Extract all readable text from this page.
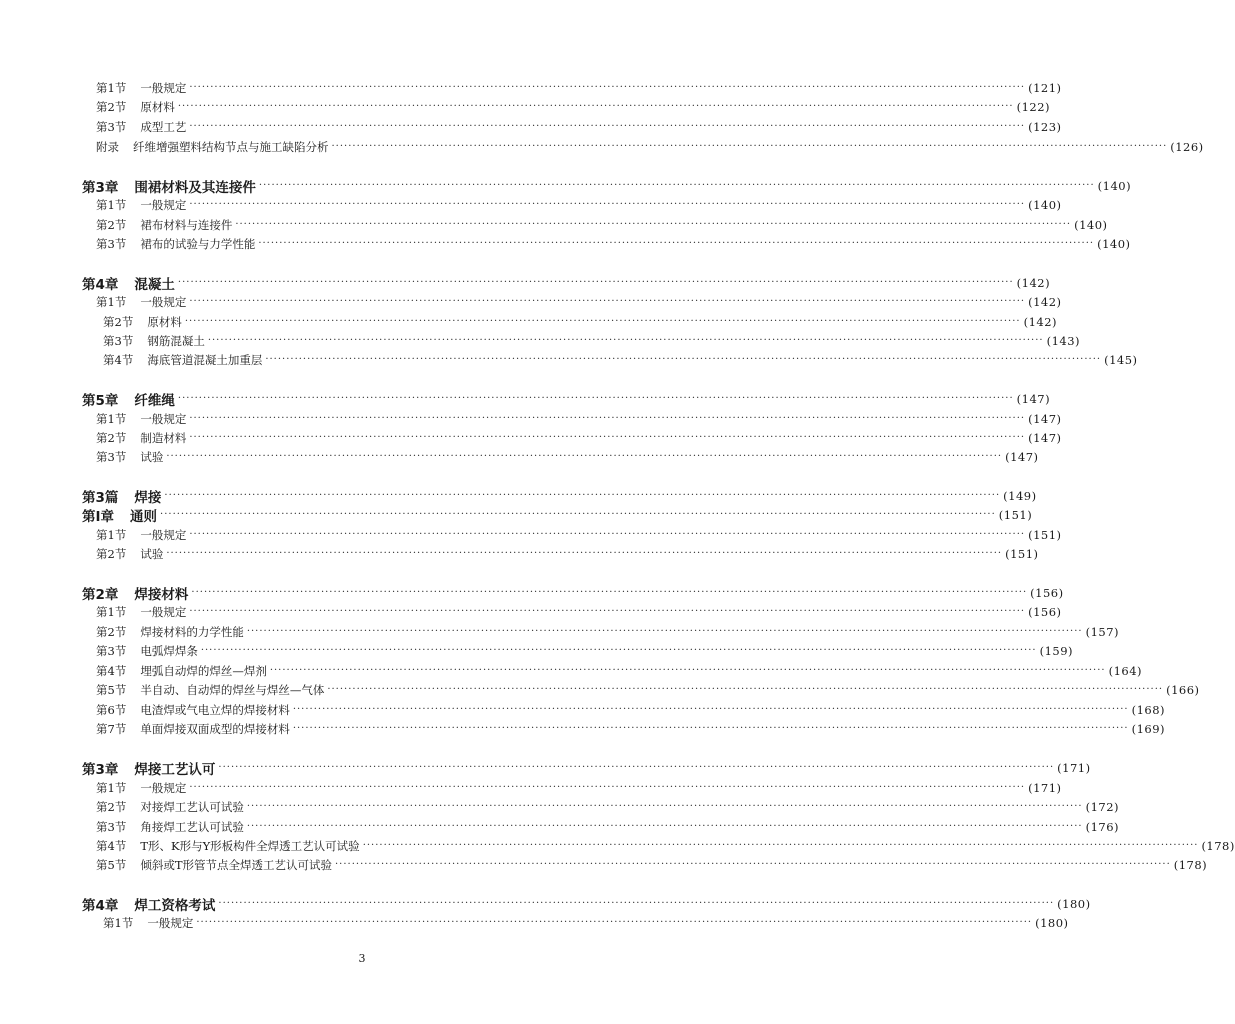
第1节 一般规定 ········································································································································································································ (121)
第2节 原材料 ········································································································································································································ (122)
第3节 成型工艺 ········································································································································································································ (123)
附录 纤维增强塑料结构节点与施工缺陷分析 ········································································································································································································ (126)
第3章 围裙材料及其连接件 ········································································································································································································ (140)
第1节 一般规定 ········································································································································································································ (140)
第2节 裙布材料与连接件 ········································································································································································································ (140)
第3节 裙布的试验与力学性能 ········································································································································································································ (140)
第4章 混凝土 ········································································································································································································ (142)
第1节 一般规定 ········································································································································································································ (142)
第2节 原材料 ········································································································································································································ (142)
第3节 钢筋混凝土 ········································································································································································································ (143)
第4节 海底管道混凝土加重层 ········································································································································································································ (145)
第5章 纤维绳 ········································································································································································································ (147)
第1节 一般规定 ········································································································································································································ (147)
第2节 制造材料 ········································································································································································································ (147)
第3节 试验 ········································································································································································································ (147)
第3篇 焊接 ········································································································································································································ (149)
第Ⅰ章 通则 ········································································································································································································ (151)
第1节 一般规定 ········································································································································································································ (151)
第2节 试验 ········································································································································································································ (151)
第2章 焊接材料 ········································································································································································································ (156)
第1节 一般规定 ········································································································································································································ (156)
第2节 焊接材料的力学性能 ········································································································································································································ (157)
第3节 电弧焊焊条 ········································································································································································································ (159)
第4节 埋弧自动焊的焊丝—焊剂 ········································································································································································································ (164)
第5节 半自动、自动焊的焊丝与焊丝—气体 ········································································································································································································ (166)
第6节 电渣焊或气电立焊的焊接材料 ········································································································································································································ (168)
第7节 单面焊接双面成型的焊接材料 ········································································································································································································ (169)
第3章 焊接工艺认可 ········································································································································································································ (171)
第1节 一般规定 ········································································································································································································ (171)
第2节 对接焊工艺认可试验 ········································································································································································································ (172)
第3节 角接焊工艺认可试验 ········································································································································································································ (176)
第4节 T形、K形与Y形板构件全焊透工艺认可试验 ········································································································································································································ (178)
第5节 倾斜或T形管节点全焊透工艺认可试验 ········································································································································································································ (178)
第4章 焊工资格考试 ········································································································································································································ (180)
第1节 一般规定 ········································································································································································································ (180)
3
